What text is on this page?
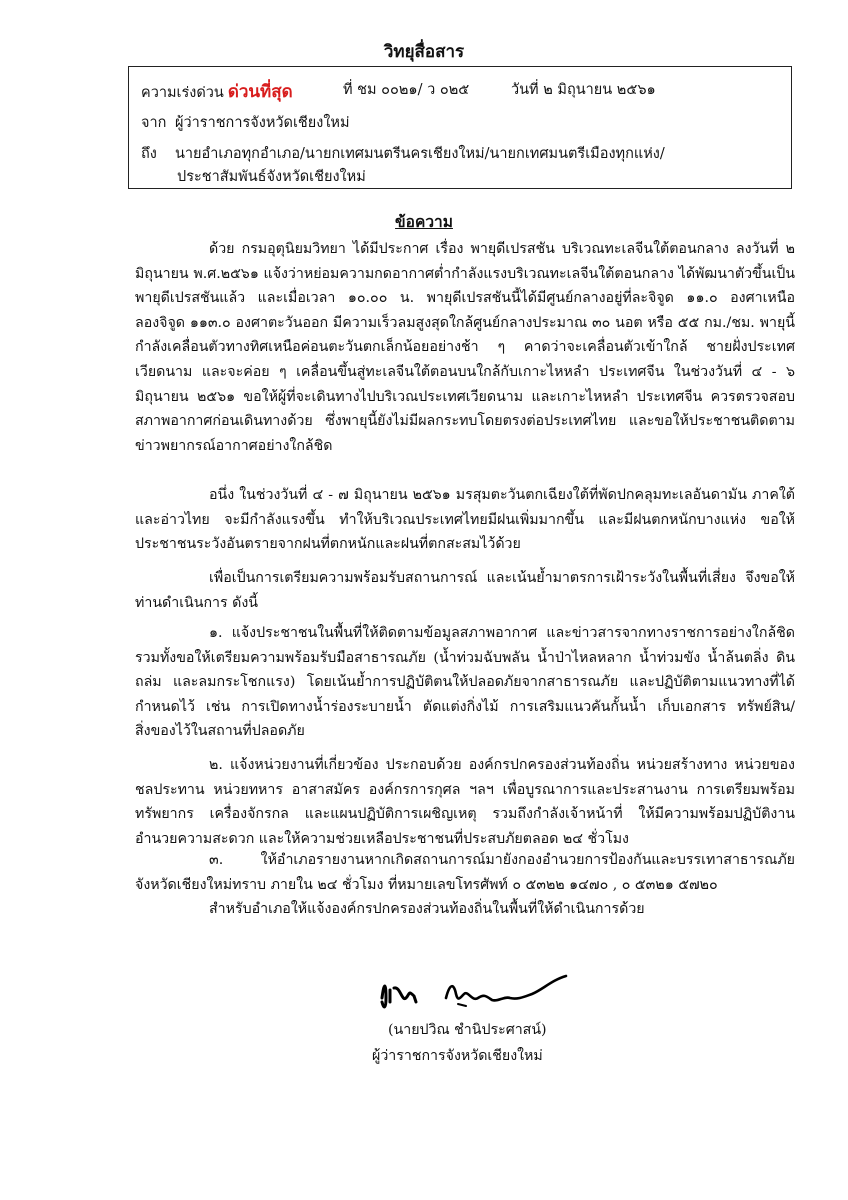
วิทยุสื่อสาร
ความเร่งด่วน ด่วนที่สุด	ที่ ชม ๐๐๒๑/ ว ๐๒๕	วันที่ ๒ มิถุนายน ๒๕๖๑
จาก ผู้ว่าราชการจังหวัดเชียงใหม่
ถึง นายอำเภอทุกอำเภอ/นายกเทศมนตรีนครเชียงใหม่/นายกเทศมนตรีเมืองทุกแห่ง/
ประชาสัมพันธ์จังหวัดเชียงใหม่
ข้อความ

ด้วย กรมอุตุนิยมวิทยา ได้มีประกาศ เรื่อง พายุดีเปรสชัน บริเวณทะเลจีนใต้ตอนกลาง ลงวันที่ ๒ มิถุนายน พ.ศ.๒๕๖๑ แจ้งว่าหย่อมความกดอากาศต่ำกำลังแรงบริเวณทะเลจีนใต้ตอนกลาง ได้พัฒนาตัวขึ้นเป็นพายุดีเปรสชันแล้ว และเมื่อเวลา ๑๐.๐๐ น. พายุดีเปรสชันนี้ได้มีศูนย์กลางอยู่ที่ละจิจูด ๑๑.๐ องศาเหนือ ลองจิจูด ๑๑๓.๐ องศาตะวันออก มีความเร็วลมสูงสุดใกล้ศูนย์กลางประมาณ ๓๐ นอต หรือ ๕๕ กม./ชม. พายุนี้กำลังเคลื่อนตัวทางทิศเหนือค่อนตะวันตกเล็กน้อยอย่างช้า ๆ คาดว่าจะเคลื่อนตัวเข้าใกล้ ชายฝั่งประเทศเวียดนาม และจะค่อย ๆ เคลื่อนขึ้นสู่ทะเลจีนใต้ตอนบนใกล้กับเกาะไหหลำ ประเทศจีน ในช่วงวันที่ ๔ - ๖ มิถุนายน ๒๕๖๑ ขอให้ผู้ที่จะเดินทางไปบริเวณประเทศเวียดนาม และเกาะไหหลำ ประเทศจีน ควรตรวจสอบสภาพอากาศก่อนเดินทางด้วย ซึ่งพายุนี้ยังไม่มีผลกระทบโดยตรงต่อประเทศไทย และขอให้ประชาชนติดตามข่าวพยากรณ์อากาศอย่างใกล้ชิด

อนึ่ง ในช่วงวันที่ ๔ - ๗ มิถุนายน ๒๕๖๑ มรสุมตะวันตกเฉียงใต้ที่พัดปกคลุมทะเลอันดามัน ภาคใต้และอ่าวไทย จะมีกำลังแรงขึ้น ทำให้บริเวณประเทศไทยมีฝนเพิ่มมากขึ้น และมีฝนตกหนักบางแห่ง ขอให้ประชาชนระวังอันตรายจากฝนที่ตกหนักและฝนที่ตกสะสมไว้ด้วย

เพื่อเป็นการเตรียมความพร้อมรับสถานการณ์ และเน้นย้ำมาตรการเฝ้าระวังในพื้นที่เสี่ยง จึงขอให้ท่านดำเนินการ ดังนี้

๑. แจ้งประชาชนในพื้นที่ให้ติดตามข้อมูลสภาพอากาศ และข่าวสารจากทางราชการอย่างใกล้ชิด รวมทั้งขอให้เตรียมความพร้อมรับมือสาธารณภัย (น้ำท่วมฉับพลัน น้ำป่าไหลหลาก น้ำท่วมขัง น้ำล้นตลิ่ง ดินถล่ม และลมกระโชกแรง) โดยเน้นย้ำการปฏิบัติตนให้ปลอดภัยจากสาธารณภัย และปฏิบัติตามแนวทางที่ได้กำหนดไว้ เช่น การเปิดทางน้ำร่องระบายน้ำ ตัดแต่งกิ่งไม้ การเสริมแนวคันกั้นน้ำ เก็บเอกสาร ทรัพย์สิน/สิ่งของไว้ในสถานที่ปลอดภัย

๒. แจ้งหน่วยงานที่เกี่ยวข้อง ประกอบด้วย องค์กรปกครองส่วนท้องถิ่น หน่วยสร้างทาง หน่วยของชลประทาน หน่วยทหาร อาสาสมัคร องค์กรการกุศล ฯลฯ เพื่อบูรณาการและประสานงาน การเตรียมพร้อมทรัพยากร เครื่องจักรกล และแผนปฏิบัติการเผชิญเหตุ รวมถึงกำลังเจ้าหน้าที่ ให้มีความพร้อมปฏิบัติงาน อำนวยความสะดวก และให้ความช่วยเหลือประชาชนที่ประสบภัยตลอด ๒๔ ชั่วโมง

๓. ให้อำเภอรายงานหากเกิดสถานการณ์มายังกองอำนวยการป้องกันและบรรเทาสาธารณภัยจังหวัดเชียงใหม่ทราบ ภายใน ๒๔ ชั่วโมง ที่หมายเลขโทรศัพท์ ๐ ๕๓๒๒ ๑๔๗๐ , ๐ ๕๓๒๑ ๕๗๒๐

สำหรับอำเภอให้แจ้งองค์กรปกครองส่วนท้องถิ่นในพื้นที่ให้ดำเนินการด้วย

(นายปวิณ ชำนิประศาสน์)
ผู้ว่าราชการจังหวัดเชียงใหม่
